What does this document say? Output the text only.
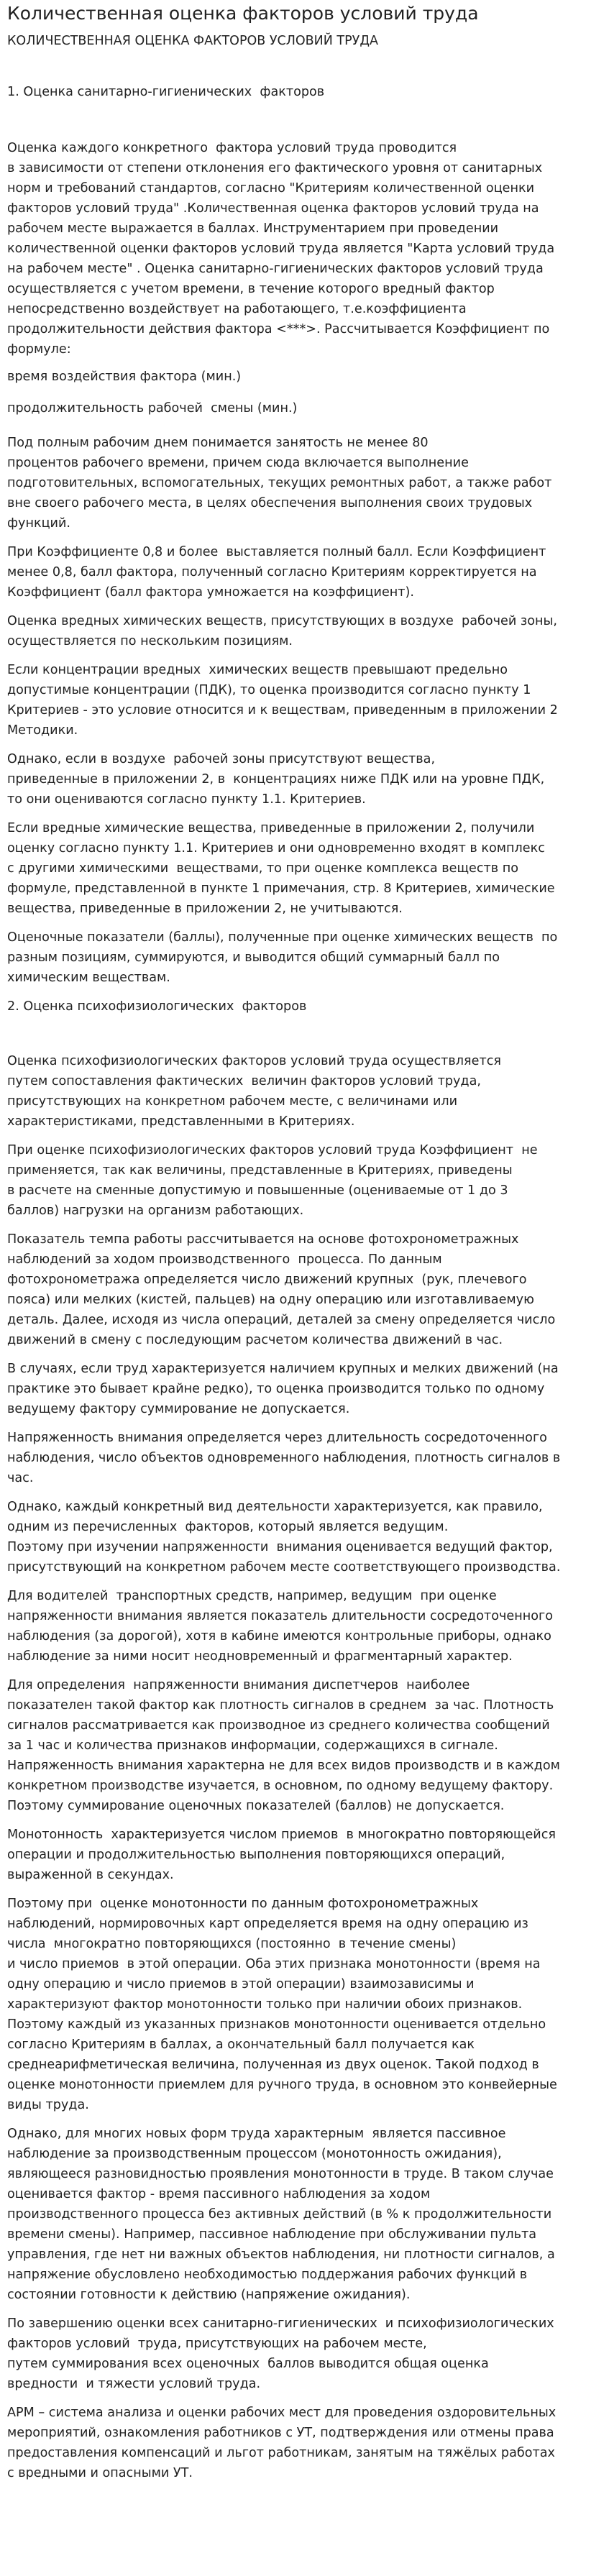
Количественная оценка факторов условий труда
КОЛИЧЕСТВЕННАЯ ОЦЕНКА ФАКТОРОВ УСЛОВИЙ ТРУДА

1. Оценка санитарно-гигиенических  факторов

Оценка каждого конкретного  фактора условий труда проводится
в зависимости от степени отклонения его фактического уровня от санитарных
норм и требований стандартов, согласно "Критериям количественной оценки
факторов условий труда" .Количественная оценка факторов условий труда на
рабочем месте выражается в баллах. Инструментарием при проведении
количественной оценки факторов условий труда является "Карта условий труда
на рабочем месте" . Оценка санитарно-гигиенических факторов условий труда
осуществляется с учетом времени, в течение которого вредный фактор
непосредственно воздействует на работающего, т.е.коэффициента
продолжительности действия фактора <***>. Рассчитывается Коэффициент по
формуле:

время воздействия фактора (мин.)

продолжительность рабочей  смены (мин.)

Под полным рабочим днем понимается занятость не менее 80
процентов рабочего времени, причем сюда включается выполнение
подготовительных, вспомогательных, текущих ремонтных работ, а также работ
вне своего рабочего места, в целях обеспечения выполнения своих трудовых
функций.

При Коэффициенте 0,8 и более  выставляется полный балл. Если Коэффициент
менее 0,8, балл фактора, полученный согласно Критериям корректируется на
Коэффициент (балл фактора умножается на коэффициент).

Оценка вредных химических веществ, присутствующих в воздухе  рабочей зоны,
осуществляется по нескольким позициям.

Если концентрации вредных  химических веществ превышают предельно
допустимые концентрации (ПДК), то оценка производится согласно пункту 1
Критериев - это условие относится и к веществам, приведенным в приложении 2
Методики.

Однако, если в воздухе  рабочей зоны присутствуют вещества,
приведенные в приложении 2, в  концентрациях ниже ПДК или на уровне ПДК,
то они оцениваются согласно пункту 1.1. Критериев.

Если вредные химические вещества, приведенные в приложении 2, получили
оценку согласно пункту 1.1. Критериев и они одновременно входят в комплекс
с другими химическими  веществами, то при оценке комплекса веществ по
формуле, представленной в пункте 1 примечания, стр. 8 Критериев, химические
вещества, приведенные в приложении 2, не учитываются.

Оценочные показатели (баллы), полученные при оценке химических веществ  по
разным позициям, суммируются, и выводится общий суммарный балл по
химическим веществам.

2. Оценка психофизиологических  факторов

Оценка психофизиологических факторов условий труда осуществляется
путем сопоставления фактических  величин факторов условий труда,
присутствующих на конкретном рабочем месте, с величинами или
характеристиками, представленными в Критериях.

При оценке психофизиологических факторов условий труда Коэффициент  не
применяется, так как величины, представленные в Критериях, приведены
в расчете на сменные допустимую и повышенные (оцениваемые от 1 до 3
баллов) нагрузки на организм работающих.

Показатель темпа работы рассчитывается на основе фотохронометражных
наблюдений за ходом производственного  процесса. По данным
фотохронометража определяется число движений крупных  (рук, плечевого
пояса) или мелких (кистей, пальцев) на одну операцию или изготавливаемую
деталь. Далее, исходя из числа операций, деталей за смену определяется число
движений в смену с последующим расчетом количества движений в час.

В случаях, если труд характеризуется наличием крупных и мелких движений (на
практике это бывает крайне редко), то оценка производится только по одному
ведущему фактору суммирование не допускается.

Напряженность внимания определяется через длительность сосредоточенного
наблюдения, число объектов одновременного наблюдения, плотность сигналов в
час.

Однако, каждый конкретный вид деятельности характеризуется, как правило,
одним из перечисленных  факторов, который является ведущим.
Поэтому при изучении напряженности  внимания оценивается ведущий фактор,
присутствующий на конкретном рабочем месте соответствующего производства.

Для водителей  транспортных средств, например, ведущим  при оценке
напряженности внимания является показатель длительности сосредоточенного
наблюдения (за дорогой), хотя в кабине имеются контрольные приборы, однако
наблюдение за ними носит неодновременный и фрагментарный характер.

Для определения  напряженности внимания диспетчеров  наиболее
показателен такой фактор как плотность сигналов в среднем  за час. Плотность
сигналов рассматривается как производное из среднего количества сообщений
за 1 час и количества признаков информации, содержащихся в сигнале.
Напряженность внимания характерна не для всех видов производств и в каждом
конкретном производстве изучается, в основном, по одному ведущему фактору.
Поэтому суммирование оценочных показателей (баллов) не допускается.

Монотонность  характеризуется числом приемов  в многократно повторяющейся
операции и продолжительностью выполнения повторяющихся операций,
выраженной в секундах.

Поэтому при  оценке монотонности по данным фотохронометражных
наблюдений, нормировочных карт определяется время на одну операцию из
числа  многократно повторяющихся (постоянно  в течение смены)
и число приемов  в этой операции. Оба этих признака монотонности (время на
одну операцию и число приемов в этой операции) взаимозависимы и
характеризуют фактор монотонности только при наличии обоих признаков.
Поэтому каждый из указанных признаков монотонности оценивается отдельно
согласно Критериям в баллах, а окончательный балл получается как
среднеарифметическая величина, полученная из двух оценок. Такой подход в
оценке монотонности приемлем для ручного труда, в основном это конвейерные
виды труда.

Однако, для многих новых форм труда характерным  является пассивное
наблюдение за производственным процессом (монотонность ожидания),
являющееся разновидностью проявления монотонности в труде. В таком случае
оценивается фактор - время пассивного наблюдения за ходом
производственного процесса без активных действий (в % к продолжительности
времени смены). Например, пассивное наблюдение при обслуживании пульта
управления, где нет ни важных объектов наблюдения, ни плотности сигналов, а
напряжение обусловлено необходимостью поддержания рабочих функций в
состоянии готовности к действию (напряжение ожидания).

По завершению оценки всех санитарно-гигиенических  и психофизиологических
факторов условий  труда, присутствующих на рабочем месте,
путем суммирования всех оценочных  баллов выводится общая оценка
вредности  и тяжести условий труда.

АРМ – система анализа и оценки рабочих мест для проведения оздоровительных
мероприятий, ознакомления работников с УТ, подтверждения или отмены права
предоставления компенсаций и льгот работникам, занятым на тяжёлых работах
с вредными и опасными УТ.
